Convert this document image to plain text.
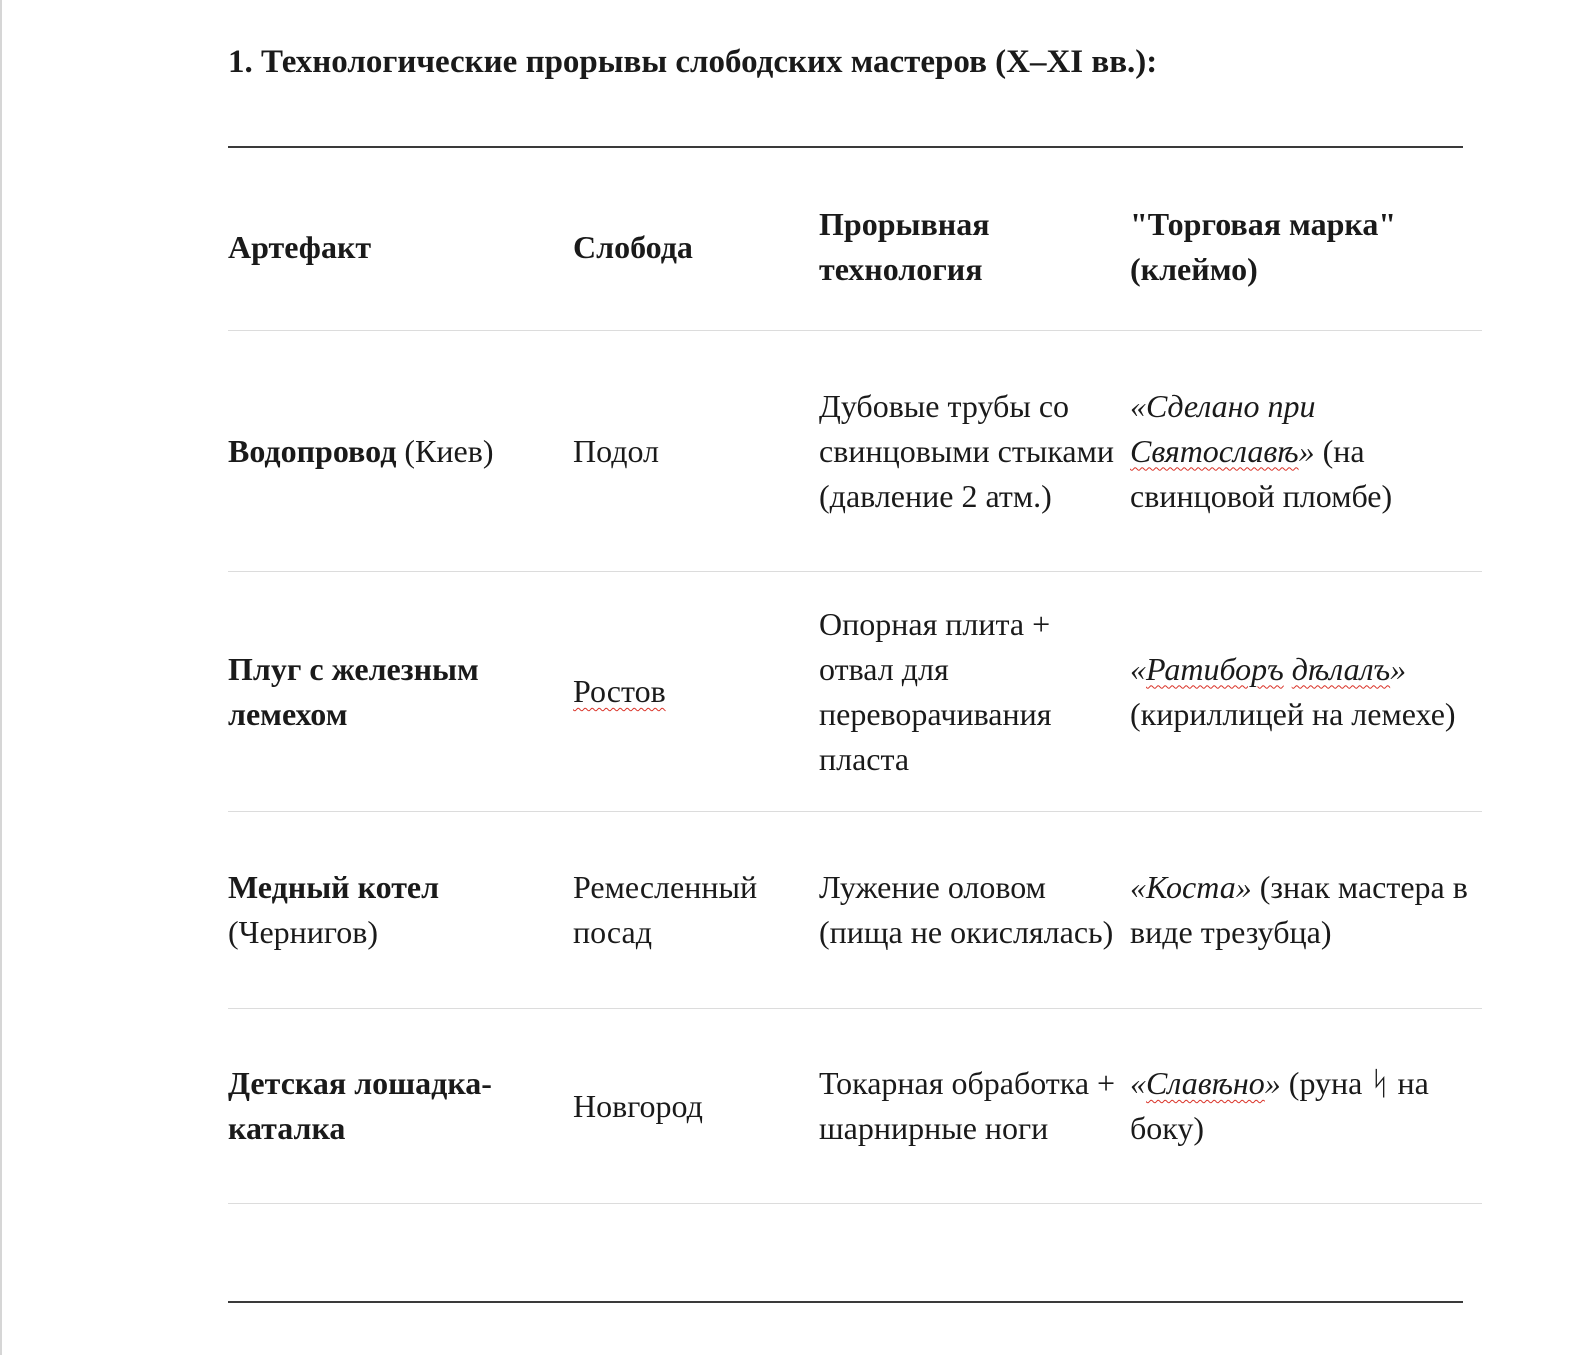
1. Технологические прорывы слободских мастеров (X–XI вв.):
Артефакт	Слобода	Прорывная технология	"Торговая марка" (клеймо)

Водопровод (Киев)	Подол	Дубовые трубы со свинцовыми стыками (давление 2 атм.)	«Сделано при Святославѣ» (на свинцовой пломбе)

Плуг с железным лемехом	Ростов	Опорная плита + отвал для переворачивания пласта	«Ратиборъ дѣлалъ» (кириллицей на лемехе)

Медный котел (Чернигов)	Ремесленный посад	Лужение оловом (пища не окислялась)	«Коста» (знак мастера в виде трезубца)

Детская лошадка-каталка	Новгород	Токарная обработка + шарнирные ноги	«Славѣно» (руна ᛋ на боку)
